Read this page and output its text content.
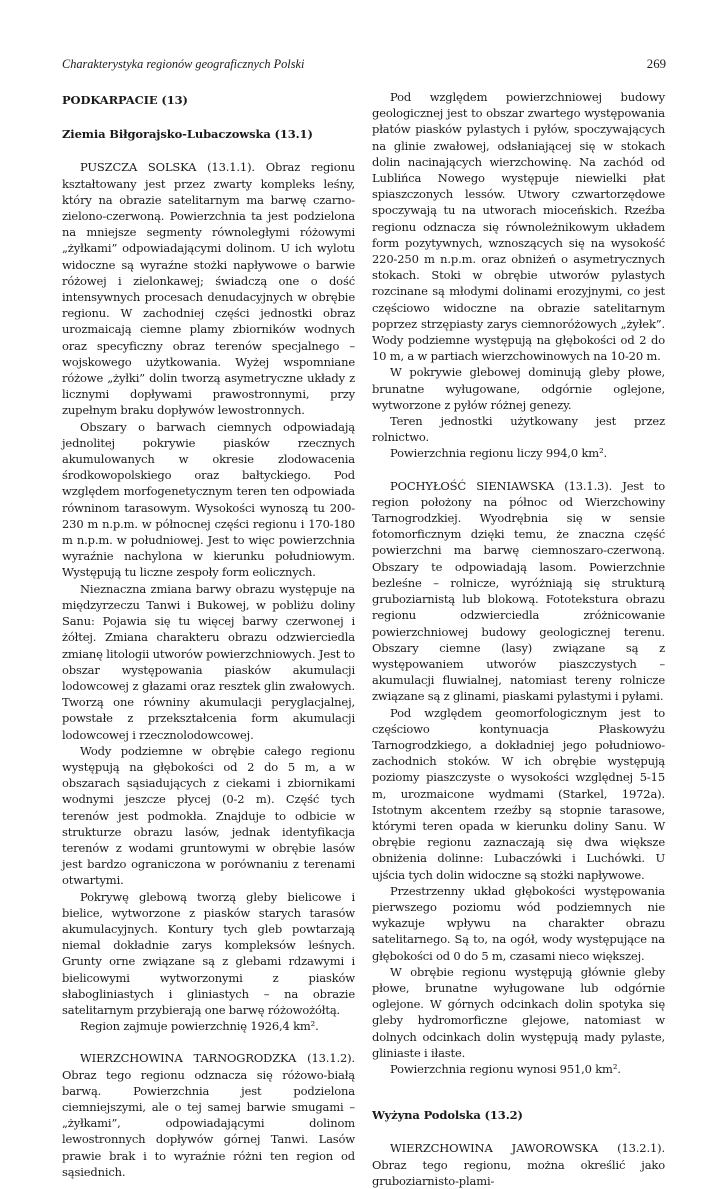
Charakterystyka regionów geograficznych Polski	269
PODKARPACIE (13)
Ziemia Biłgorajsko-Lubaczowska (13.1)

PUSZCZA SOLSKA (13.1.1). Obraz regionu kształtowany jest przez zwarty kompleks leśny, który na obrazie satelitarnym ma barwę czarno-zielono-czerwoną. Powierzchnia ta jest podzielona na mniejsze segmenty równoległymi różowymi „żyłkami” odpowiadającymi dolinom. U ich wylotu widoczne są wyraźne stożki napływowe o barwie różowej i zielonkawej; świadczą one o dość intensywnych procesach denudacyjnych w obrębie regionu. W zachodniej części jednostki obraz urozmaicają ciemne plamy zbiorników wodnych oraz specyficzny obraz terenów specjalnego – wojskowego użytkowania. Wyżej wspomniane różowe „żyłki” dolin tworzą asymetryczne układy z licznymi dopływami prawostronnymi, przy zupełnym braku dopływów lewostronnych.

Obszary o barwach ciemnych odpowiadają jednolitej pokrywie piasków rzecznych akumulowanych w okresie zlodowacenia środkowopolskiego oraz bałtyckiego. Pod względem morfogenetycznym teren ten odpowiada równinom tarasowym. Wysokości wynoszą tu 200-230 m n.p.m. w północnej części regionu i 170-180 m n.p.m. w południowej. Jest to więc powierzchnia wyraźnie nachylona w kierunku południowym. Występują tu liczne zespoły form eolicznych.

Nieznaczna zmiana barwy obrazu występuje na międzyrzeczu Tanwi i Bukowej, w pobliżu doliny Sanu: Pojawia się tu więcej barwy czerwonej i żółtej. Zmiana charakteru obrazu odzwierciedla zmianę litologii utworów powierzchniowych. Jest to obszar występowania piasków akumulacji lodowcowej z głazami oraz resztek glin zwałowych. Tworzą one równiny akumulacji peryglacjalnej, powstałe z przekształcenia form akumulacji lodowcowej i rzecznolodowcowej.

Wody podziemne w obrębie całego regionu występują na głębokości od 2 do 5 m, a w obszarach sąsiadujących z ciekami i zbiornikami wodnymi jeszcze płycej (0-2 m). Część tych terenów jest podmokła. Znajduje to odbicie w strukturze obrazu lasów, jednak identyfikacja terenów z wodami gruntowymi w obrębie lasów jest bardzo ograniczona w porównaniu z terenami otwartymi.

Pokrywę glebową tworzą gleby bielicowe i bielice, wytworzone z piasków starych tarasów akumulacyjnych. Kontury tych gleb powtarzają niemal dokładnie zarys kompleksów leśnych. Grunty orne związane są z glebami rdzawymi i bielicowymi wytworzonymi z piasków słabogliniastych i gliniastych – na obrazie satelitarnym przybierają one barwę różowożółtą.

Region zajmuje powierzchnię 1926,4 km².

WIERZCHOWINA TARNOGRODZKA (13.1.2). Obraz tego regionu odznacza się różowo-białą barwą. Powierzchnia jest podzielona ciemniejszymi, ale o tej samej barwie smugami – „żyłkami”, odpowiadającymi dolinom lewostronnych dopływów górnej Tanwi. Lasów prawie brak i to wyraźnie różni ten region od sąsiednich.

Pod względem powierzchniowej budowy geologicznej jest to obszar zwartego występowania płatów piasków pylastych i pyłów, spoczywających na glinie zwałowej, odsłaniającej się w stokach dolin nacinających wierzchowinę. Na zachód od Lublińca Nowego występuje niewielki płat spiaszczonych lessów. Utwory czwartorzędowe spoczywają tu na utworach mioceńskich. Rzeźba regionu odznacza się równoleżnikowym układem form pozytywnych, wznoszących się na wysokość 220-250 m n.p.m. oraz obniżeń o asymetrycznych stokach. Stoki w obrębie utworów pylastych rozcinane są młodymi dolinami erozyjnymi, co jest częściowo widoczne na obrazie satelitarnym poprzez strzępiasty zarys ciemnoróżowych „żyłek”. Wody podziemne występują na głębokości od 2 do 10 m, a w partiach wierzchowinowych na 10-20 m.

W pokrywie glebowej dominują gleby płowe, brunatne wyługowane, odgórnie oglejone, wytworzone z pyłów różnej genezy.

Teren jednostki użytkowany jest przez rolnictwo.

Powierzchnia regionu liczy 994,0 km².

POCHYŁOŚĆ SIENIAWSKA (13.1.3). Jest to region położony na północ od Wierzchowiny Tarnogrodzkiej. Wyodrębnia się w sensie fotomorficznym dzięki temu, że znaczna część powierzchni ma barwę ciemnoszaro-czerwoną. Obszary te odpowiadają lasom. Powierzchnie bezleśne – rolnicze, wyróżniają się strukturą gruboziarnistą lub blokową. Fototekstura obrazu regionu odzwierciedla zróżnicowanie powierzchniowej budowy geologicznej terenu. Obszary ciemne (lasy) związane są z występowaniem utworów piaszczystych – akumulacji fluwialnej, natomiast tereny rolnicze związane są z glinami, piaskami pylastymi i pyłami.

Pod względem geomorfologicznym jest to częściowo kontynuacja Płaskowyżu Tarnogrodzkiego, a dokładniej jego południowo-zachodnich stoków. W ich obrębie występują poziomy piaszczyste o wysokości względnej 5-15 m, urozmaicone wydmami (Starkel, 1972a). Istotnym akcentem rzeźby są stopnie tarasowe, którymi teren opada w kierunku doliny Sanu. W obrębie regionu zaznaczają się dwa większe obniżenia dolinne: Lubaczówki i Luchówki. U ujścia tych dolin widoczne są stożki napływowe.

Przestrzenny układ głębokości występowania pierwszego poziomu wód podziemnych nie wykazuje wpływu na charakter obrazu satelitarnego. Są to, na ogół, wody występujące na głębokości od 0 do 5 m, czasami nieco większej.

W obrębie regionu występują głównie gleby płowe, brunatne wyługowane lub odgórnie oglejone. W górnych odcinkach dolin spotyka się gleby hydromorficzne glejowe, natomiast w dolnych odcinkach dolin występują mady pylaste, gliniaste i iłaste.

Powierzchnia regionu wynosi 951,0 km².

Wyżyna Podolska (13.2)

WIERZCHOWINA JAWOROWSKA (13.2.1). Obraz tego regionu, można określić jako gruboziarnisto-plami-
